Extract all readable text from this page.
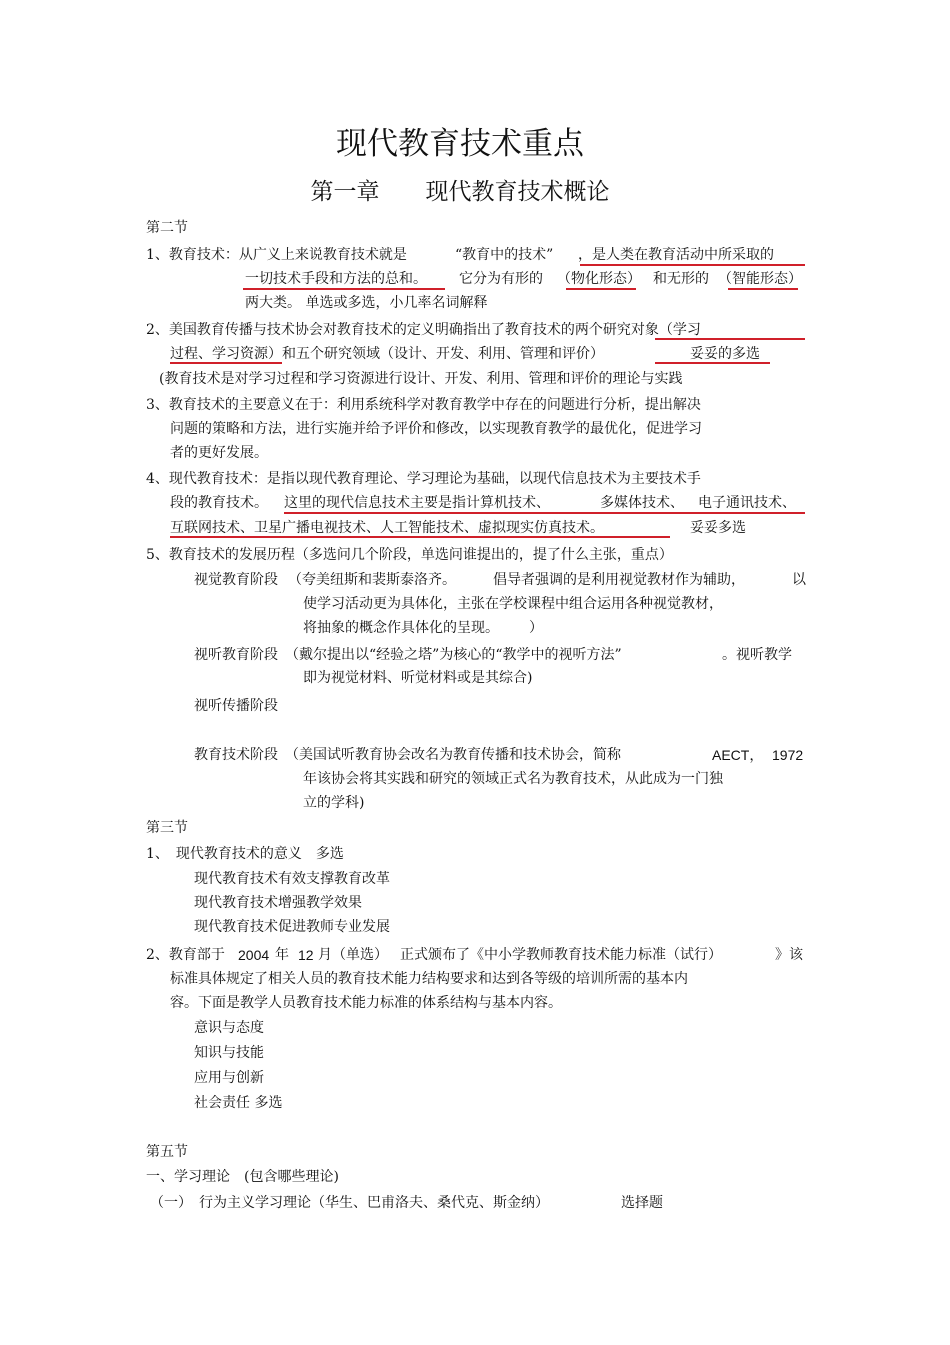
现代教育技术重点
第一章　　现代教育技术概论
第二节
1、教育技术：从广义上来说教育技术就是	“教育中的技术” ，是人类在教育活动中所采取的
一切技术手段和方法的总和。 它分为有形的 （物化形态） 和无形的 （智能形态）
两大类。 单选或多选，小几率名词解释
2、美国教育传播与技术协会对教育技术的定义明确指出了教育技术的两个研究对象（学习
过程、学习资源）和五个研究领域（设计、开发、利用、管理和评价）	妥妥的多选
(教育技术是对学习过程和学习资源进行设计、开发、利用、管理和评价的理论与实践
3、教育技术的主要意义在于：利用系统科学对教育教学中存在的问题进行分析，提出解决
问题的策略和方法，进行实施并给予评价和修改，以实现教育教学的最优化，促进学习
者的更好发展。
4、现代教育技术：是指以现代教育理论、学习理论为基础，以现代信息技术为主要技术手
段的教育技术。 这里的现代信息技术主要是指计算机技术、	多媒体技术、 电子通讯技术、
互联网技术、卫星广播电视技术、人工智能技术、虚拟现实仿真技术。	妥妥多选
5、教育技术的发展历程（多选问几个阶段，单选问谁提出的，提了什么主张，重点）
视觉教育阶段 （夸美纽斯和裴斯泰洛齐。	倡导者强调的是利用视觉教材作为辅助，	以
使学习活动更为具体化，主张在学校课程中组合运用各种视觉教材，
将抽象的概念作具体化的呈现。 ）
视听教育阶段 （戴尔提出以“经验之塔”为核心的“教学中的视听方法”	。视听教学
即为视觉材料、听觉材料或是其综合)
视听传播阶段
教育技术阶段 （美国试听教育协会改名为教育传播和技术协会，简称	AECT， 1972
年该协会将其实践和研究的领域正式名为教育技术，从此成为一门独
立的学科)
第三节
1、　现代教育技术的意义　多选
现代教育技术有效支撑教育改革
现代教育技术增强教学效果
现代教育技术促进教师专业发展
2、教育部于 2004 年 12 月（单选） 正式颁布了《中小学教师教育技术能力标准（试行）	》该
标准具体规定了相关人员的教育技术能力结构要求和达到各等级的培训所需的基本内
容。下面是教学人员教育技术能力标准的体系结构与基本内容。
意识与态度
知识与技能
应用与创新
社会责任 多选
第五节
一、学习理论　(包含哪些理论)
（一）　行为主义学习理论（华生、巴甫洛夫、桑代克、斯金纳）	选择题
